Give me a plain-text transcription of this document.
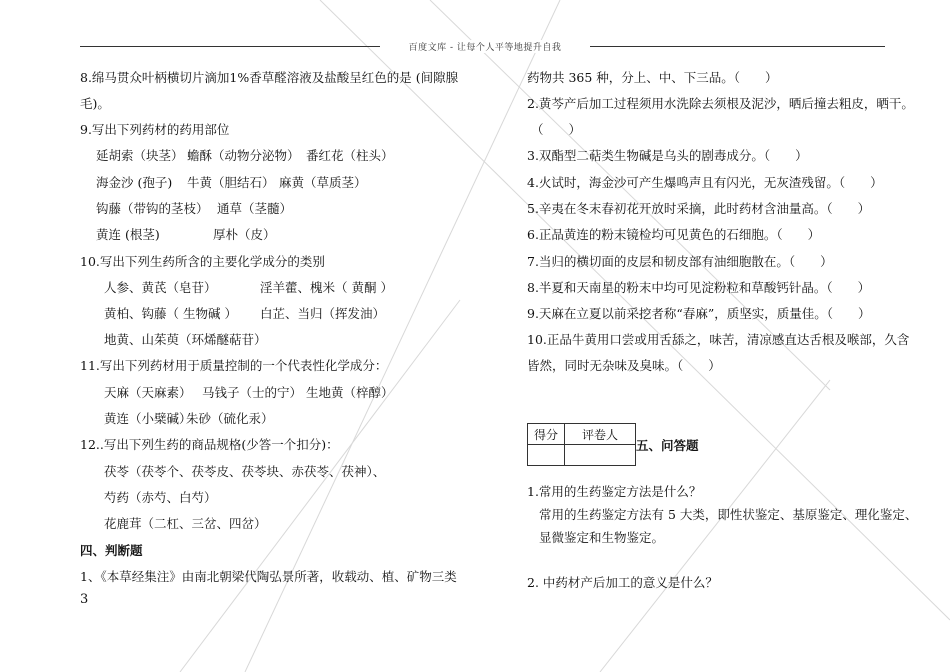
百度文库 - 让每个人平等地提升自我
8.绵马贯众叶柄横切片滴加1%香草醛溶液及盐酸呈红色的是 (间隙腺
毛)。
9.写出下列药材的药用部位
延胡索（块茎） 蟾酥（动物分泌物） 番红花（柱头）
海金沙 (孢子) 牛黄（胆结石） 麻黄（草质茎）
钩藤（带钩的茎枝） 通草（茎髓）
黄连 (根茎)	厚朴（皮）
10.写出下列生药所含的主要化学成分的类别
人参、黄芪（皂苷）	淫羊藿、槐米（ 黄酮 ）
黄柏、钩藤（ 生物碱 ） 白芷、当归（挥发油）
地黄、山茱萸（环烯醚萜苷）
11.写出下列药材用于质量控制的一个代表性化学成分：
天麻（天麻素） 马钱子（士的宁） 生地黄（梓醇）
黄连（小檗碱）
朱砂（硫化汞）
12..写出下列生药的商品规格(少答一个扣分)：
茯苓（茯苓个、茯苓皮、茯苓块、赤茯苓、茯神）、
芍药（赤芍、白芍）
花鹿茸（二杠、三岔、四岔）
四、判断题
1、《本草经集注》由南北朝梁代陶弘景所著，收载动、植、矿物三类
3
药物共 365 种，分上、中、下三品。（　　）
2.黄芩产后加工过程须用水洗除去须根及泥沙，晒后撞去粗皮，晒干。
（　　）
3.双酯型二萜类生物碱是乌头的剧毒成分。（　　）
4.火试时，海金沙可产生爆鸣声且有闪光，无灰渣残留。（　　）
5.辛夷在冬末春初花开放时采摘，此时药材含油量高。（　　）
6.正品黄连的粉末镜检均可见黄色的石细胞。（　　）
7.当归的横切面的皮层和韧皮部有油细胞散在。（　　）
8.半夏和天南星的粉末中均可见淀粉粒和草酸钙针晶。（　　）
9.天麻在立夏以前采挖者称“春麻”，质坚实，质量佳。（　　）
10.正品牛黄用口尝或用舌舔之，味苦，清凉感直达舌根及喉部，久含
皆然，同时无杂味及臭味。（　　）
得分	评卷人

五、问答题
1.常用的生药鉴定方法是什么？
常用的生药鉴定方法有 5 大类，即性状鉴定、基原鉴定、理化鉴定、
显微鉴定和生物鉴定。
2. 中药材产后加工的意义是什么？
